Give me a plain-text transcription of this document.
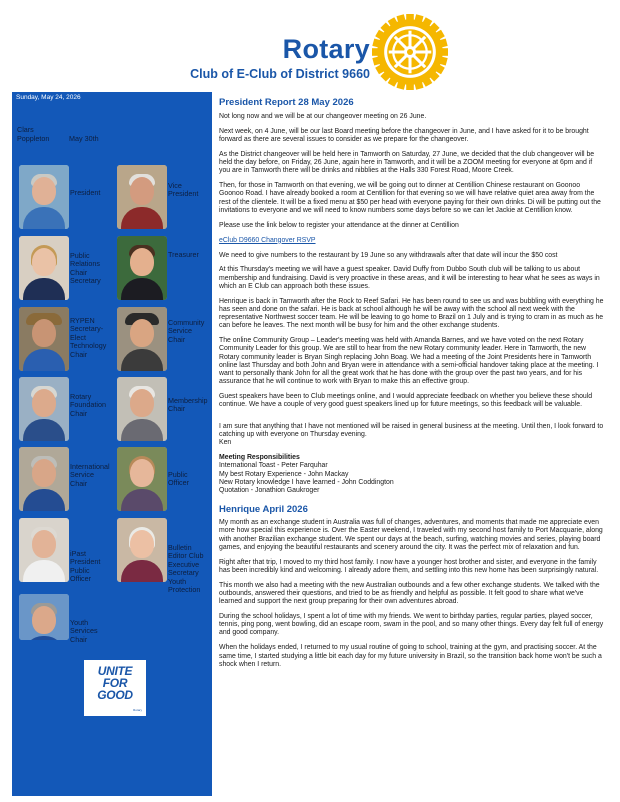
Rotary
Club of E-Club of District 9660
Sunday, May 24, 2026
Clars Poppleton	May 30th
President
Vice President
Public Relations Chair Secretary
Treasurer
RYPEN Secretary-Elect Technology Chair
Community Service Chair
Rotary Foundation Chair
Membership Chair
International Service Chair
Public Officer
iPast President Public Officer
Bulletin Editor Club Executive Secretary Youth Protection
Youth Services Chair
UNITE
FOR
GOOD
Rotary
President Report 28 May 2026

Not long now and we will be at our changeover meeting on 26 June.

Next week, on 4 June, will be our last Board meeting before the changeover in June, and I have asked for it to be brought forward as there are several issues to consider as we prepare for the changeover.

As the District changeover will be held here in Tamworth on Saturday, 27 June, we decided that the club changeover will be held the day before, on Friday, 26 June, again here in Tamworth, and it will be a ZOOM meeting for everyone at 6pm and if you are in Tamworth there will be drinks and nibblies at the Halls 330 Forest Road, Moore Creek.

Then, for those in Tamworth on that evening, we will be going out to dinner at Centillion Chinese restaurant on Goonoo Goonoo Road. I have already booked a room at Centillion for that evening so we will have relative quiet area away from the rest of the clientele. It will be a fixed menu at $50 per head with everyone paying for their own drinks. Di will be putting out the invitations to everyone and we will need to know numbers some days before so we can let Jackie at Centillion know.

Please use the link below to register your attendance at the dinner at Centillion

eClub D9660 Changover RSVP

We need to give numbers to the restaurant by 19 June so any withdrawals after that date will incur the $50 cost

At this Thursday's meeting we will have a guest speaker. David Duffy from Dubbo South club will be talking to us about membership and fundraising. David is very proactive in these areas, and it will be interesting to hear what he sees as ways in which an E Club can approach both these issues.

Henrique is back in Tamworth after the Rock to Reef Safari. He has been round to see us and was bubbling with everything he has seen and done on the safari. He is back at school although he will be away with the school all next week with the representative Northwest soccer team. He will be leaving to go home to Brazil on 1 July and is trying to cram in as much as he can before he leaves. The next month will be busy for him and the other exchange students.

The online Community Group – Leader's meeting was held with Amanda Barnes, and we have voted on the next Rotary Community Leader for this group. We are still to hear from the new Rotary community leader. Here in Tamworth, the new Rotary community leader is Bryan Singh replacing John Boag. We had a meeting of the Joint Presidents here in Tamworth online last Thursday and both John and Bryan were in attendance with a semi-official handover taking place at the meeting. I want to personally thank John for all the great work that he has done with the group over the past two years, and for his assurance that he will continue to work with Bryan to make this an effective group.

Guest speakers have been to Club meetings online, and I would appreciate feedback on whether you believe these should continue. We have a couple of very good guest speakers lined up for future meetings, so this feedback will be valuable.

I am sure that anything that I have not mentioned will be raised in general business at the meeting. Until then, I look forward to catching up with everyone on Thursday evening.

Ken

Meeting Responsibilities

International Toast - Peter Farquhar

My best Rotary Experience - John Mackay

New Rotary knowledge I have learned - John Coddington

Quotation - Jonathion Gaukroger

Henrique April 2026

My month as an exchange student in Australia was full of changes, adventures, and moments that made me appreciate even more how special this experience is. Over the Easter weekend, I traveled with my second host family to Port Macquarie, along with another Brazilian exchange student. We spent our days at the beach, surfing, watching movies and series, playing board games, and enjoying the beautiful restaurants and scenery around the city. It was the perfect mix of relaxation and fun.

Right after that trip, I moved to my third host family. I now have a younger host brother and sister, and everyone in the family has been incredibly kind and welcoming. I already adore them, and settling into this new home has been surprisingly natural.

This month we also had a meeting with the new Australian outbounds and a few other exchange students. We talked with the outbounds, answered their questions, and tried to be as friendly and helpful as possible. It felt good to share what we've learned and support the next group preparing for their own adventures abroad.

During the school holidays, I spent a lot of time with my friends. We went to birthday parties, regular parties, played soccer, tennis, ping pong, went bowling, did an escape room, swam in the pool, and so many other things. Every day felt full of energy and good company.

When the holidays ended, I returned to my usual routine of going to school, training at the gym, and practising soccer. At the same time, I started studying a little bit each day for my future university in Brazil, so the transition back home won't be such a shock when I return.
